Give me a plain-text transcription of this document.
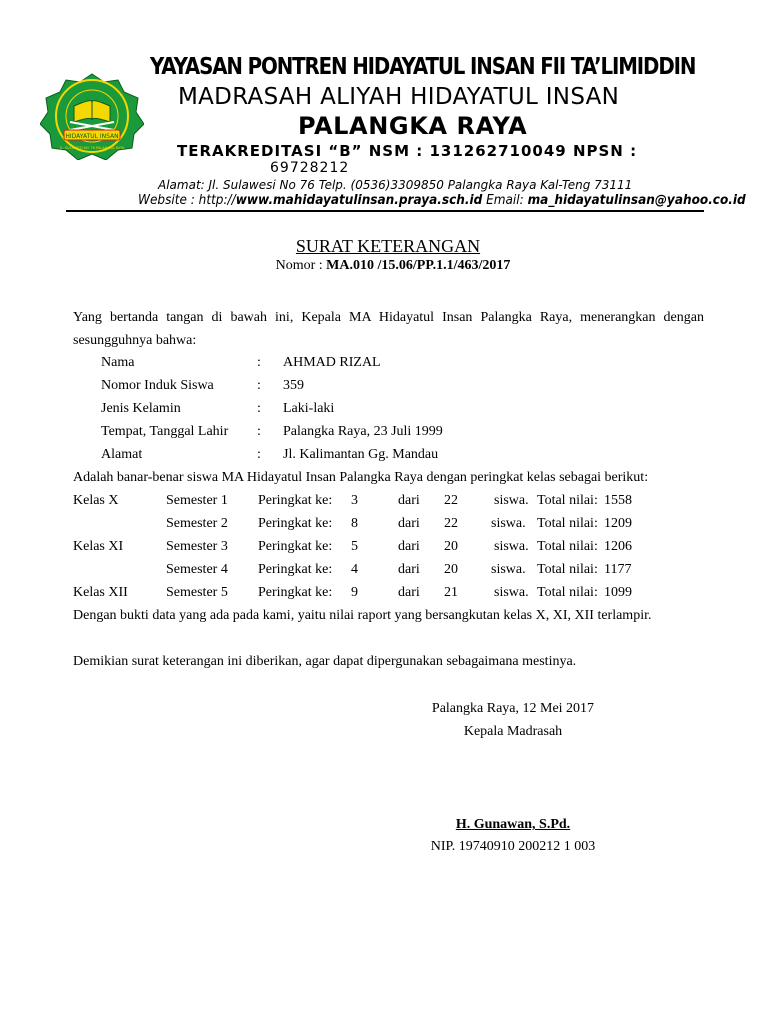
HIDAYATUL INSAN
JL. SULAWESI NO 76 PALANGKA RAYA
YAYASAN PONTREN HIDAYATUL INSAN FII TA’LIMIDDIN
MADRASAH ALIYAH HIDAYATUL INSAN
PALANGKA RAYA
TERAKREDITASI “B” NSM : 131262710049 NPSN :
69728212
Alamat: Jl. Sulawesi No 76 Telp. (0536)3309850 Palangka Raya Kal-Teng 73111
Website : http://www.mahidayatulinsan.praya.sch.id Email: ma_hidayatulinsan@yahoo.co.id
SURAT KETERANGAN
Nomor : MA.010 /15.06/PP.1.1/463/2017
Yang bertanda tangan di bawah ini, Kepala MA Hidayatul Insan Palangka Raya, menerangkan dengan sesungguhnya bahwa:
Nama	: AHMAD RIZAL
Nomor Induk Siswa	: 359
Jenis Kelamin	: Laki-laki
Tempat, Tanggal Lahir : Palangka Raya, 23 Juli 1999
Alamat	: Jl. Kalimantan Gg. Mandau
Adalah banar-benar siswa MA Hidayatul Insan Palangka Raya dengan peringkat kelas sebagai berikut:
Kelas X	Semester 1 Peringkat ke: 3	dari 22	siswa. Total nilai: 1558
Semester 2 Peringkat ke: 8	dari 22 siswa. Total nilai: 1209
Kelas XI	Semester 3 Peringkat ke: 5	dari 20	siswa. Total nilai: 1206
Semester 4 Peringkat ke: 4	dari 20 siswa. Total nilai: 1177
Kelas XII	Semester 5 Peringkat ke: 9	dari 21	siswa. Total nilai: 1099
Dengan bukti data yang ada pada kami, yaitu nilai raport yang bersangkutan kelas X, XI, XII terlampir.
Demikian surat keterangan ini diberikan, agar dapat dipergunakan sebagaimana mestinya.
Palangka Raya, 12 Mei 2017
Kepala Madrasah
H. Gunawan, S.Pd.
NIP. 19740910 200212 1 003
